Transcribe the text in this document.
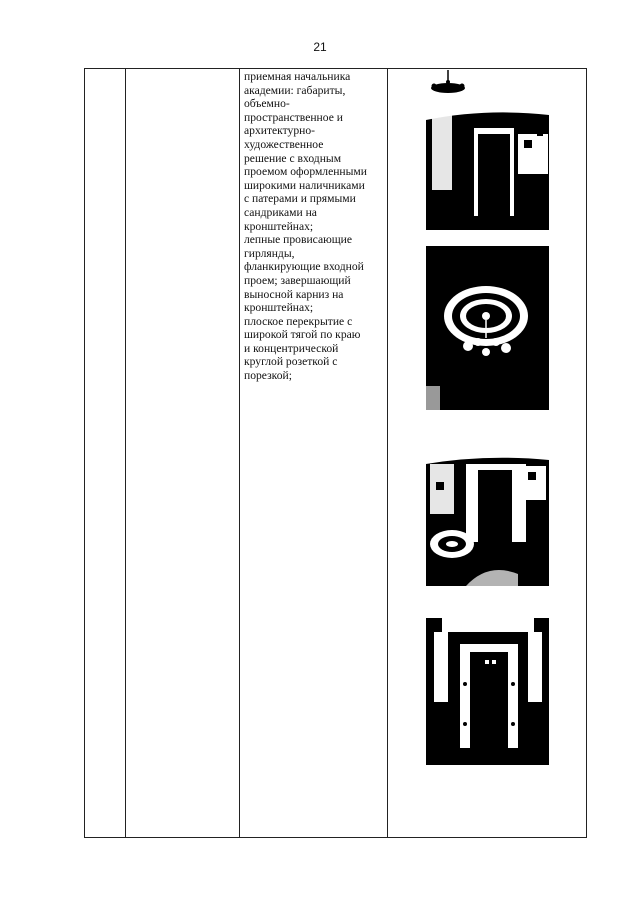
21
приемная начальника
академии: габариты,
объемно-
пространственное и
архитектурно-
художественное
решение с входным
проемом оформленными
широкими наличниками
с патерами и прямыми
сандриками на
кронштейнах;
лепные провисающие
гирлянды,
фланкирующие входной
проем; завершающий
выносной карниз на
кронштейнах;
плоское перекрытие с
широкой тягой по краю
и концентрической
круглой розеткой с
порезкой;
